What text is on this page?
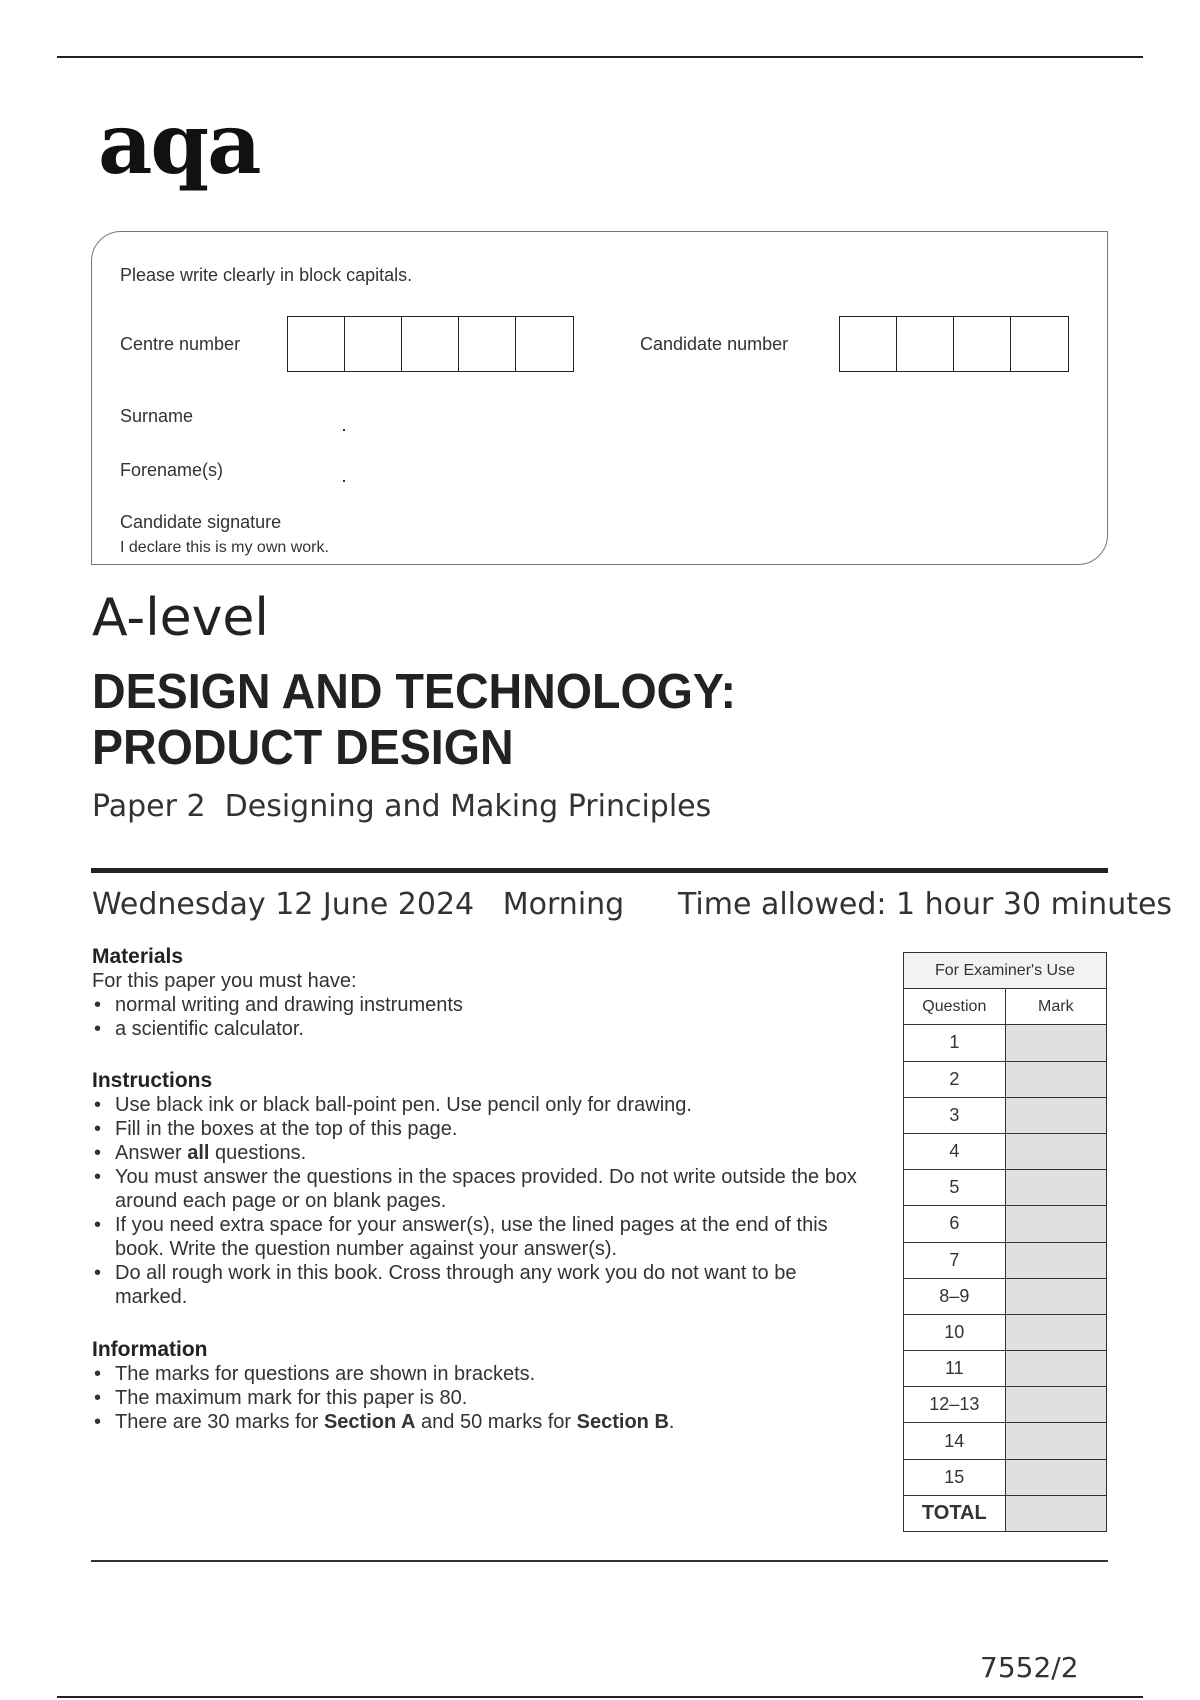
aqa
Please write clearly in block capitals.
Centre number	Candidate number
Surname
Forename(s)
Candidate signature
I declare this is my own work.
A-level
DESIGN AND TECHNOLOGY:
PRODUCT DESIGN
Paper 2  Designing and Making Principles
Wednesday 12 June 2024   Morning Time allowed: 1 hour 30 minutes
Materials
For this paper you must have:
• normal writing and drawing instruments
• a scientific calculator.
Instructions
• Use black ink or black ball-point pen. Use pencil only for drawing.
• Fill in the boxes at the top of this page.
• Answer all questions.
• You must answer the questions in the spaces provided. Do not write outside the box around each page or on blank pages.
• If you need extra space for your answer(s), use the lined pages at the end of this book. Write the question number against your answer(s).
• Do all rough work in this book. Cross through any work you do not want to be marked.
Information
• The marks for questions are shown in brackets.
• The maximum mark for this paper is 80.
• There are 30 marks for Section A and 50 marks for Section B.
For Examiner's Use	
Question	Mark
1	
2	
3	
4	
5	
6	
7	
8–9	
10	
11	
12–13	
14	
15	
TOTAL	
7552/2
